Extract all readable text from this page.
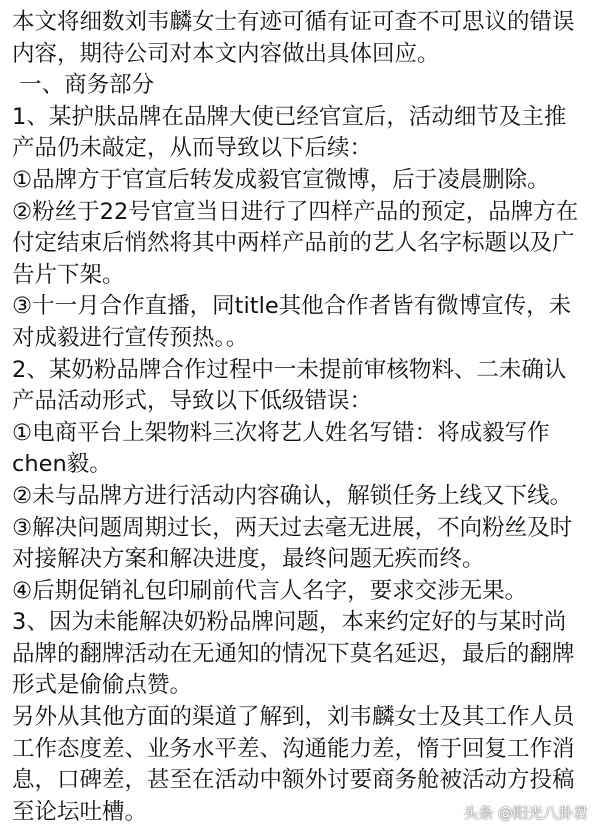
本文将细数刘韦麟女士有迹可循有证可查不可思议的错误
内容，期待公司对本文内容做出具体回应。
一、商务部分
1、某护肤品牌在品牌大使已经官宣后，活动细节及主推
产品仍未敲定，从而导致以下后续：
①品牌方于官宣后转发成毅官宣微博，后于凌晨删除。
②粉丝于22号官宣当日进行了四样产品的预定，品牌方在
付定结束后悄然将其中两样产品前的艺人名字标题以及广
告片下架。
③十一月合作直播，同title其他合作者皆有微博宣传，未
对成毅进行宣传预热。。
2、某奶粉品牌合作过程中一未提前审核物料、二未确认
产品活动形式，导致以下低级错误：
①电商平台上架物料三次将艺人姓名写错：将成毅写作
chen毅。
②未与品牌方进行活动内容确认，解锁任务上线又下线。
③解决问题周期过长，两天过去毫无进展，不向粉丝及时
对接解决方案和解决进度，最终问题无疾而终。
④后期促销礼包印刷前代言人名字，要求交涉无果。
3、因为未能解决奶粉品牌问题，本来约定好的与某时尚
品牌的翻牌活动在无通知的情况下莫名延迟，最后的翻牌
形式是偷偷点赞。
另外从其他方面的渠道了解到，刘韦麟女士及其工作人员
工作态度差、业务水平差、沟通能力差，惰于回复工作消
息，口碑差，甚至在活动中额外讨要商务舱被活动方投稿
至论坛吐槽。	头条 @阳光八卦君
